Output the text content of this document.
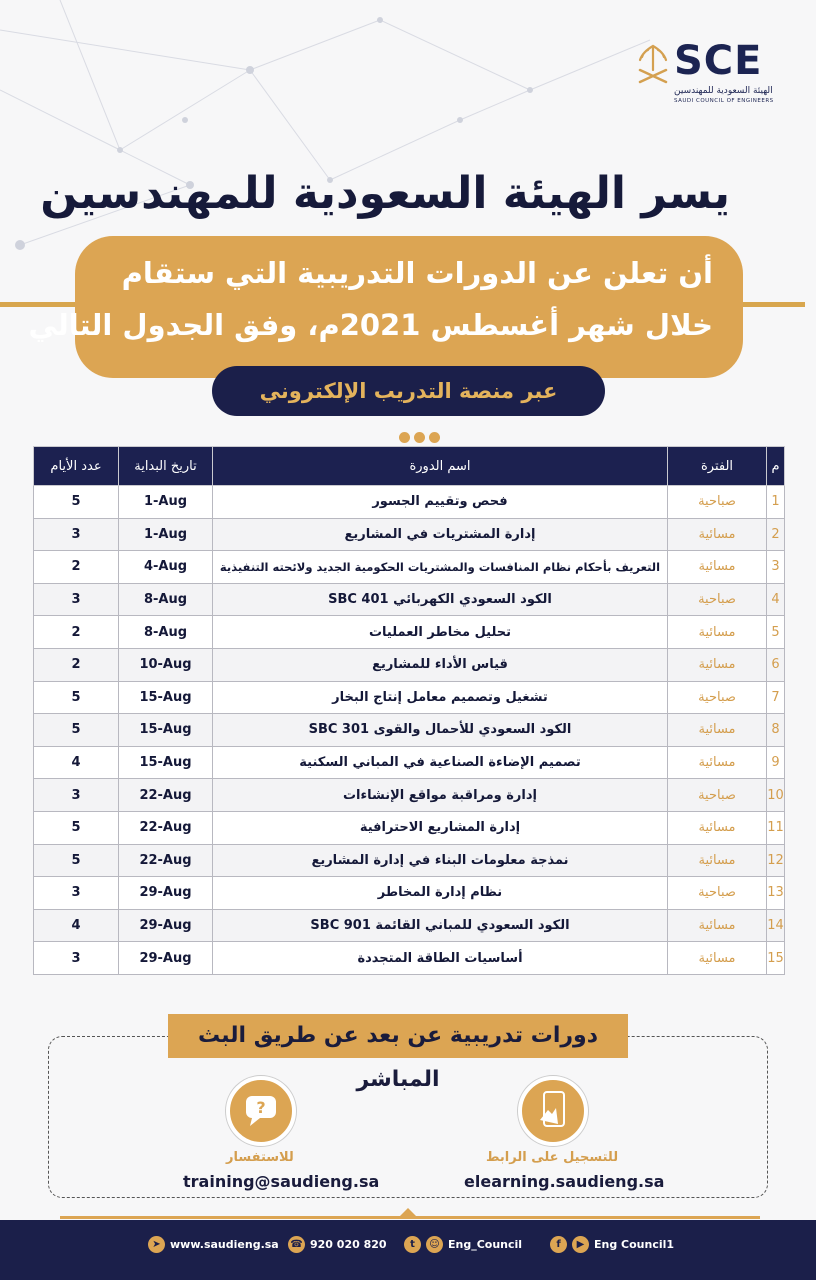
SCE
الهيئة السعودية للمهندسين
SAUDI COUNCIL OF ENGINEERS
يسر الهيئة السعودية للمهندسين
أن تعلن عن الدورات التدريبية التي ستقام
خلال شهر أغسطس 2021م، وفق الجدول التالي
عبر منصة التدريب الإلكتروني
م	الفترة	اسم الدورة	تاريخ البداية	عدد الأيام
1	صباحية	فحص وتقييم الجسور	1-Aug	5
2	مسائية	إدارة المشتريات في المشاريع	1-Aug	3
3	مسائية	التعريف بأحكام نظام المنافسات والمشتريات الحكومية الجديد ولائحته التنفيذية	4-Aug	2
4	صباحية	الكود السعودي الكهربائي SBC 401	8-Aug	3
5	مسائية	تحليل مخاطر العمليات	8-Aug	2
6	مسائية	قياس الأداء للمشاريع	10-Aug	2
7	صباحية	تشغيل وتصميم معامل إنتاج البخار	15-Aug	5
8	مسائية	الكود السعودي للأحمال والقوى SBC 301	15-Aug	5
9	مسائية	تصميم الإضاءة الصناعية في المباني السكنية	15-Aug	4
10	صباحية	إدارة ومراقبة مواقع الإنشاءات	22-Aug	3
11	مسائية	إدارة المشاريع الاحترافية	22-Aug	5
12	مسائية	نمذجة معلومات البناء في إدارة المشاريع	22-Aug	5
13	صباحية	نظام إدارة المخاطر	29-Aug	3
14	مسائية	الكود السعودي للمباني القائمة SBC 901	29-Aug	4
15	مسائية	أساسيات الطاقة المتجددة	29-Aug	3
دورات تدريبية عن بعد عن طريق البث المباشر
?
للتسجيل على الرابط
elearning.saudieng.sa
للاستفسار
training@saudieng.sa
➤ www.saudieng.sa ☎ 920 020 820	t	☺ Eng_Council	f	▶ Eng Council1
